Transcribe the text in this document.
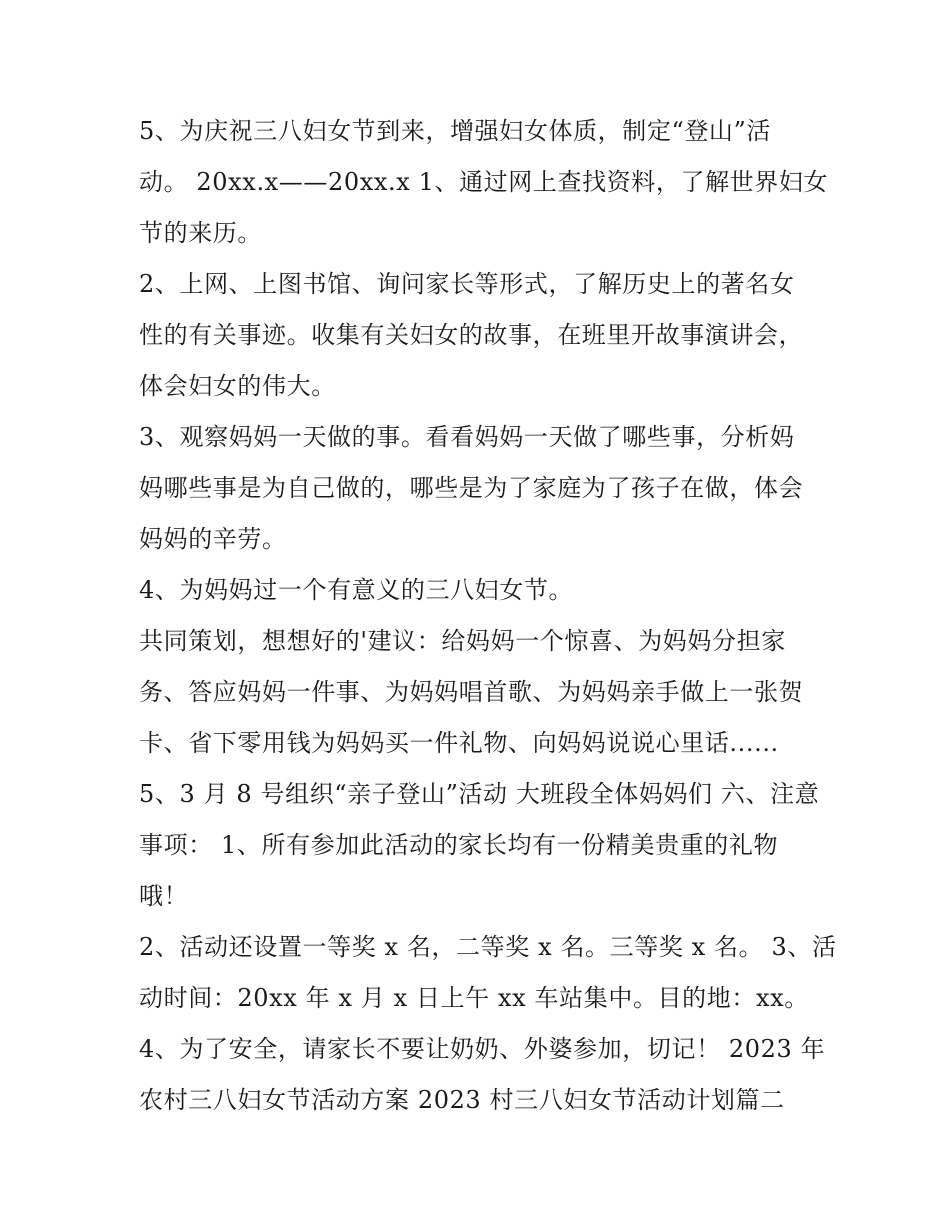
5、为庆祝三八妇女节到来，增强妇女体质，制定“登山”活
动。 20xx.x——20xx.x 1、通过网上查找资料，了解世界妇女
节的来历。
2、上网、上图书馆、询问家长等形式，了解历史上的著名女
性的有关事迹。收集有关妇女的故事，在班里开故事演讲会，
体会妇女的伟大。
3、观察妈妈一天做的事。看看妈妈一天做了哪些事，分析妈
妈哪些事是为自己做的，哪些是为了家庭为了孩子在做，体会
妈妈的辛劳。
4、为妈妈过一个有意义的三八妇女节。
共同策划，想想好的'建议：给妈妈一个惊喜、为妈妈分担家
务、答应妈妈一件事、为妈妈唱首歌、为妈妈亲手做上一张贺
卡、省下零用钱为妈妈买一件礼物、向妈妈说说心里话......
5、3 月 8 号组织“亲子登山”活动 大班段全体妈妈们 六、注意
事项： 1、所有参加此活动的家长均有一份精美贵重的礼物
哦！
2、活动还设置一等奖 x 名，二等奖 x 名。三等奖 x 名。 3、活
动时间：20xx 年 x 月 x 日上午 xx 车站集中。目的地：xx。
4、为了安全，请家长不要让奶奶、外婆参加，切记！ 2023 年
农村三八妇女节活动方案 2023 村三八妇女节活动计划篇二
